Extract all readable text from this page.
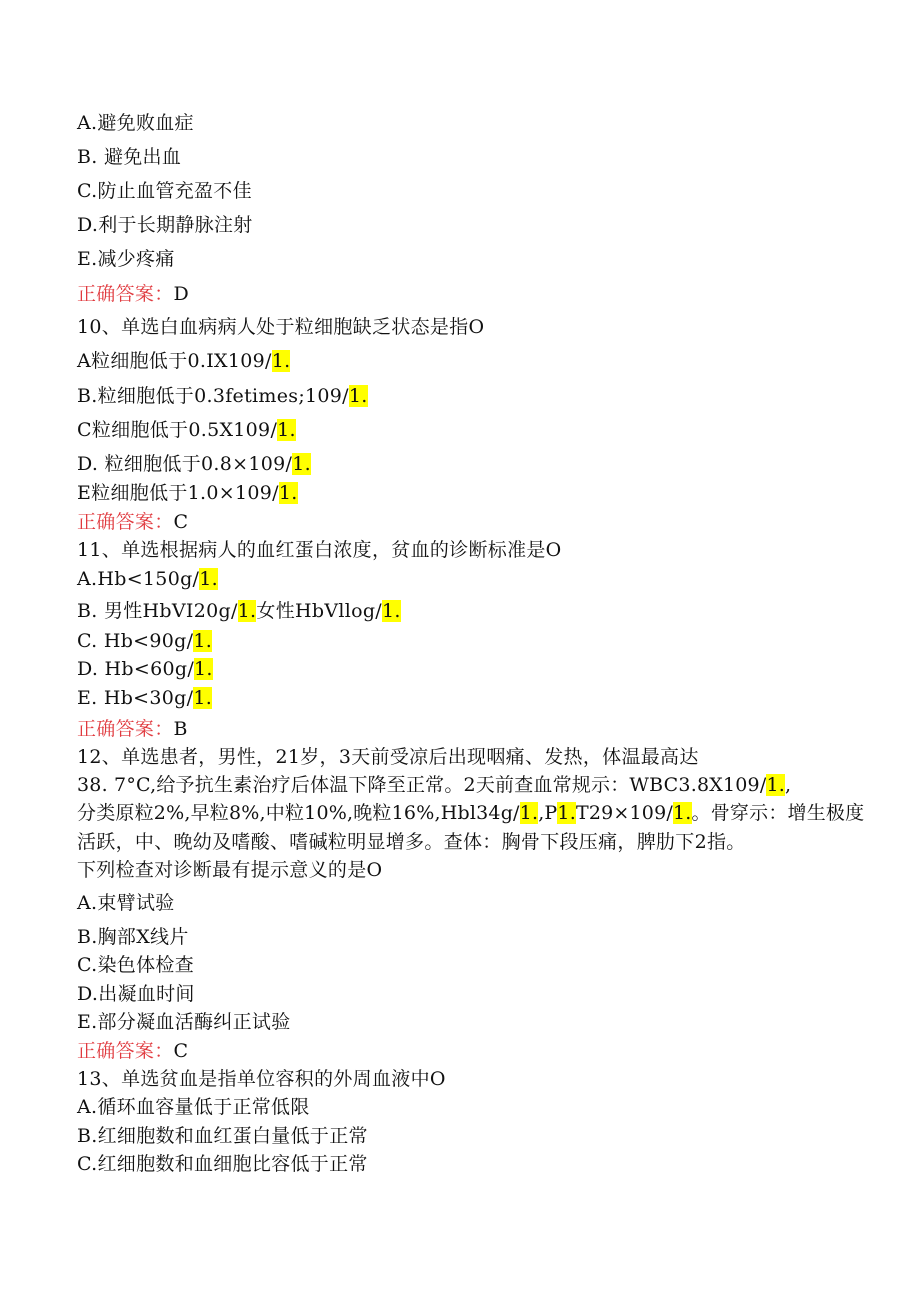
A.避免败血症
B. 避免出血
C.防止血管充盈不佳
D.利于长期静脉注射
E.减少疼痛
正确答案：D
10、单选白血病病人处于粒细胞缺乏状态是指O
A粒细胞低于0.IX109/1.
B.粒细胞低于0.3fetimes;109/1.
C粒细胞低于0.5X109/1.
D. 粒细胞低于0.8×109/1.
E粒细胞低于1.0×109/1.
正确答案：C
11、单选根据病人的血红蛋白浓度，贫血的诊断标准是O
A.Hb<150g/1.
B. 男性HbVI20g/1.女性HbVllog/1.
C. Hb<90g/1.
D. Hb<60g/1.
E. Hb<30g/1.
正确答案：B
12、单选患者，男性，21岁，3天前受凉后出现咽痛、发热，体温最高达
38. 7°C,给予抗生素治疗后体温下降至正常。2天前查血常规示：WBC3.8X109/1.,
分类原粒2%,早粒8%,中粒10%,晚粒16%,Hbl34g/1.,P1.T29×109/1.。骨穿示：增生极度
活跃，中、晚幼及嗜酸、嗜碱粒明显增多。查体：胸骨下段压痛，脾肋下2指。
下列检查对诊断最有提示意义的是O
A.束臂试验
B.胸部X线片
C.染色体检查
D.出凝血时间
E.部分凝血活酶纠正试验
正确答案：C
13、单选贫血是指单位容积的外周血液中O
A.循环血容量低于正常低限
B.红细胞数和血红蛋白量低于正常
C.红细胞数和血细胞比容低于正常
